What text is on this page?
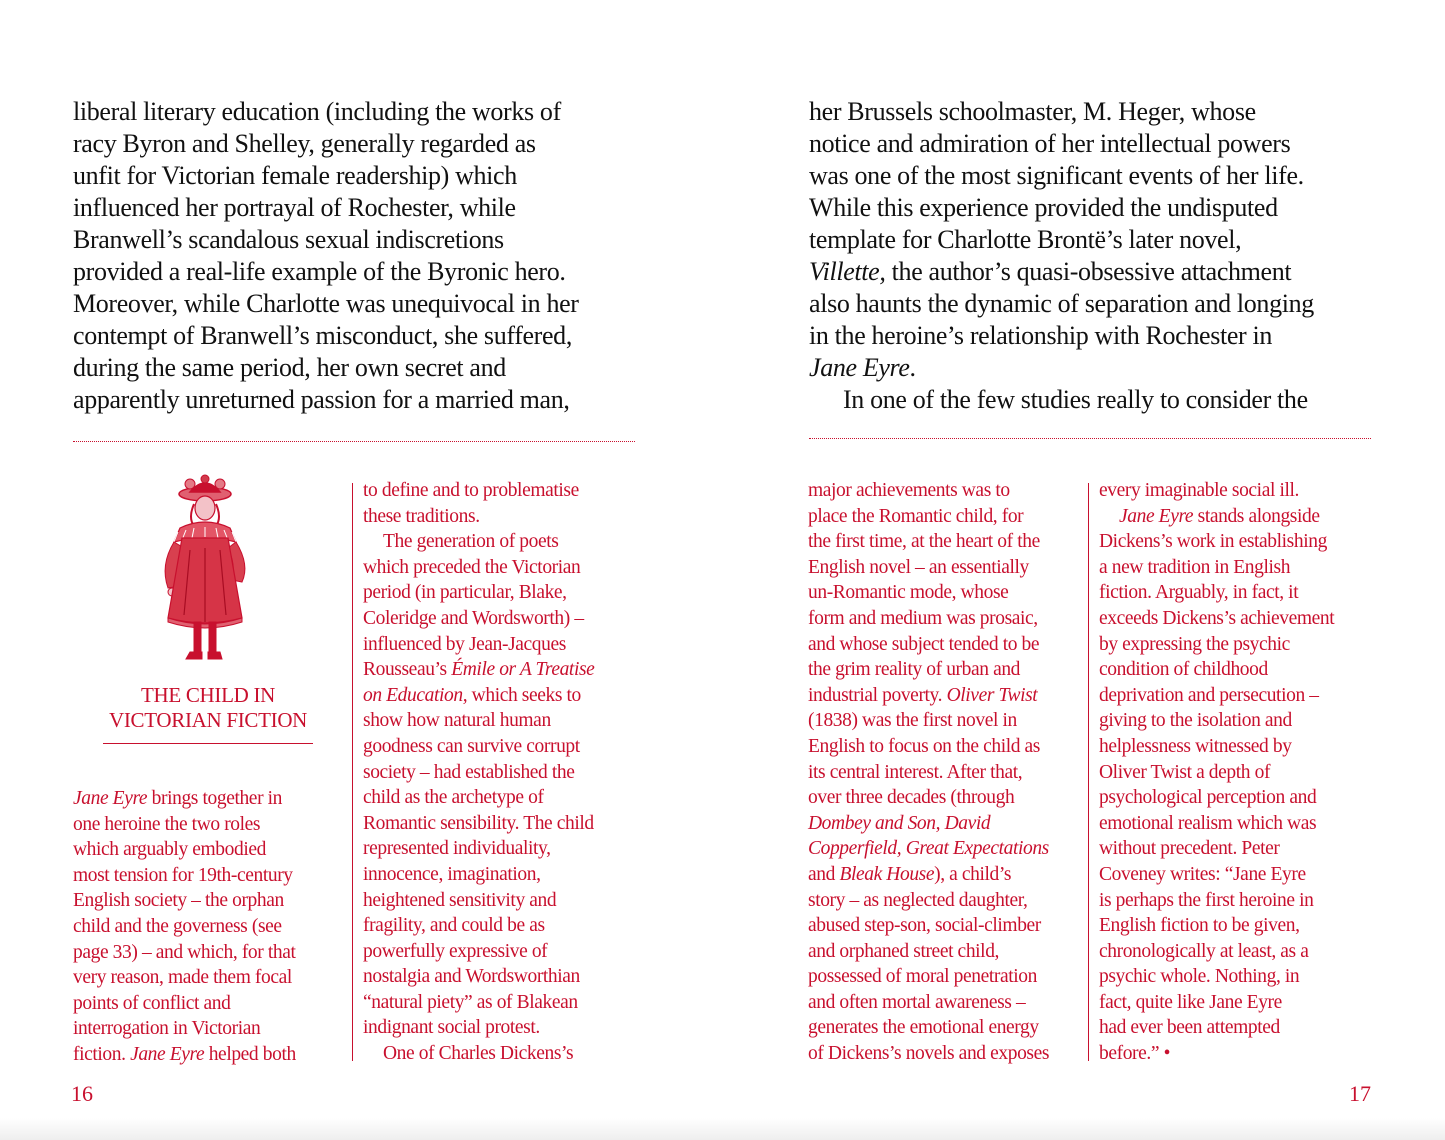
liberal literary education (including the works of
racy Byron and Shelley, generally regarded as
unfit for Victorian female readership) which
influenced her portrayal of Rochester, while
Branwell’s scandalous sexual indiscretions
provided a real-life example of the Byronic hero.
Moreover, while Charlotte was unequivocal in her
contempt of Branwell’s misconduct, she suffered,
during the same period, her own secret and
apparently unreturned passion for a married man,

THE CHILD IN
VICTORIAN FICTION
Jane Eyre brings together in
one heroine the two roles
which arguably embodied
most tension for 19th-century
English society – the orphan
child and the governess (see
page 33) – and which, for that
very reason, made them focal
points of conflict and
interrogation in Victorian
fiction. Jane Eyre helped both
to define and to problematise
these traditions.
The generation of poets
which preceded the Victorian
period (in particular, Blake,
Coleridge and Wordsworth) –
influenced by Jean-Jacques
Rousseau’s Émile or A Treatise
on Education, which seeks to
show how natural human
goodness can survive corrupt
society – had established the
child as the archetype of
Romantic sensibility. The child
represented individuality,
innocence, imagination,
heightened sensitivity and
fragility, and could be as
powerfully expressive of
nostalgia and Wordsworthian
“natural piety” as of Blakean
indignant social protest.
One of Charles Dickens’s
16

her Brussels schoolmaster, M. Heger, whose
notice and admiration of her intellectual powers
was one of the most significant events of her life.
While this experience provided the undisputed
template for Charlotte Brontë’s later novel,
Villette, the author’s quasi-obsessive attachment
also haunts the dynamic of separation and longing
in the heroine’s relationship with Rochester in
Jane Eyre.
In one of the few studies really to consider the

major achievements was to
place the Romantic child, for
the first time, at the heart of the
English novel – an essentially
un-Romantic mode, whose
form and medium was prosaic,
and whose subject tended to be
the grim reality of urban and
industrial poverty. Oliver Twist
(1838) was the first novel in
English to focus on the child as
its central interest. After that,
over three decades (through
Dombey and Son, David
Copperfield, Great Expectations
and Bleak House), a child’s
story – as neglected daughter,
abused step-son, social-climber
and orphaned street child,
possessed of moral penetration
and often mortal awareness –
generates the emotional energy
of Dickens’s novels and exposes
every imaginable social ill.
Jane Eyre stands alongside
Dickens’s work in establishing
a new tradition in English
fiction. Arguably, in fact, it
exceeds Dickens’s achievement
by expressing the psychic
condition of childhood
deprivation and persecution –
giving to the isolation and
helplessness witnessed by
Oliver Twist a depth of
psychological perception and
emotional realism which was
without precedent. Peter
Coveney writes: “Jane Eyre
is perhaps the first heroine in
English fiction to be given,
chronologically at least, as a
psychic whole. Nothing, in
fact, quite like Jane Eyre
had ever been attempted
before.” •
17
